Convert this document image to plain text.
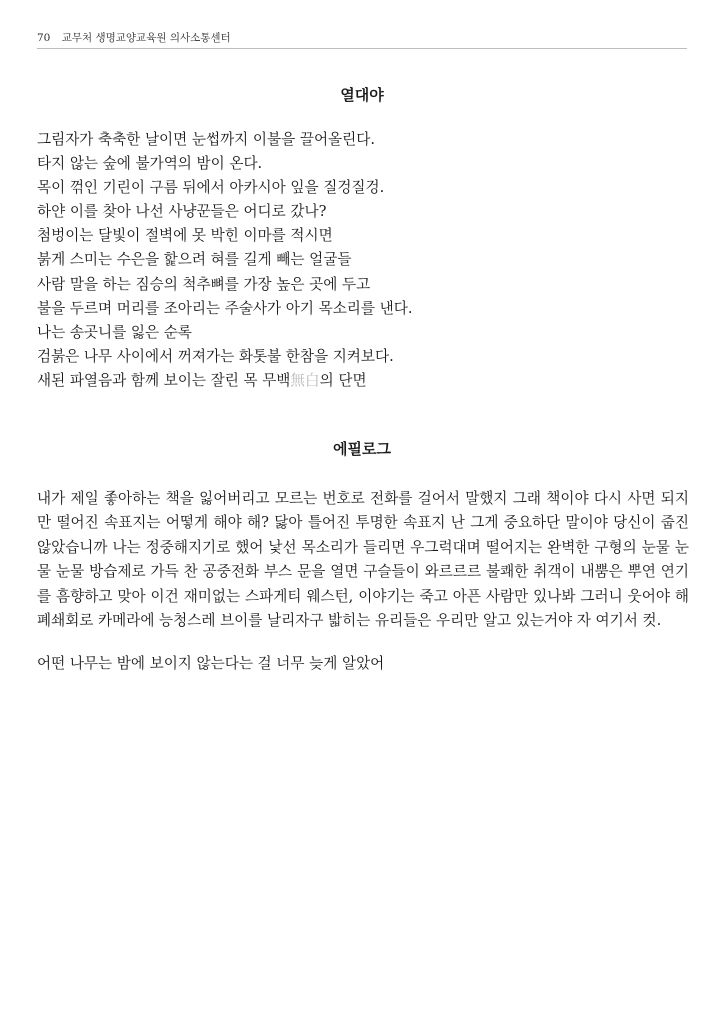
70 교무처 생명교양교육원 의사소통센터
열대야
그림자가 축축한 날이면 눈썹까지 이불을 끌어올린다.
타지 않는 숲에 불가역의 밤이 온다.
목이 꺾인 기린이 구름 뒤에서 아카시아 잎을 질겅질겅.
하얀 이를 찾아 나선 사냥꾼들은 어디로 갔나?
첨벙이는 달빛이 절벽에 못 박힌 이마를 적시면
붉게 스미는 수은을 핥으려 혀를 길게 빼는 얼굴들
사람 말을 하는 짐승의 척추뼈를 가장 높은 곳에 두고
불을 두르며 머리를 조아리는 주술사가 아기 목소리를 낸다.
나는 송곳니를 잃은 순록
검붉은 나무 사이에서 꺼져가는 화톳불 한참을 지켜보다.
새된 파열음과 함께 보이는 잘린 목 무백無白의 단면
에필로그

내가 제일 좋아하는 책을 잃어버리고 모르는 번호로 전화를 걸어서 말했지 그래 책이야 다시 사면 되지만 떨어진 속표지는 어떻게 해야 해? 닳아 틀어진 투명한 속표지 난 그게 중요하단 말이야 당신이 줍진 않았습니까 나는 정중해지기로 했어 낯선 목소리가 들리면 우그럭대며 떨어지는 완벽한 구형의 눈물 눈물 눈물 방습제로 가득 찬 공중전화 부스 문을 열면 구슬들이 와르르르 불쾌한 취객이 내뿜은 뿌연 연기를 흠향하고 맞아 이건 재미없는 스파게티 웨스턴, 이야기는 죽고 아픈 사람만 있나봐 그러니 웃어야 해 폐쇄회로 카메라에 능청스레 브이를 날리자구 밟히는 유리들은 우리만 알고 있는거야 자 여기서 컷.

어떤 나무는 밤에 보이지 않는다는 걸 너무 늦게 알았어
